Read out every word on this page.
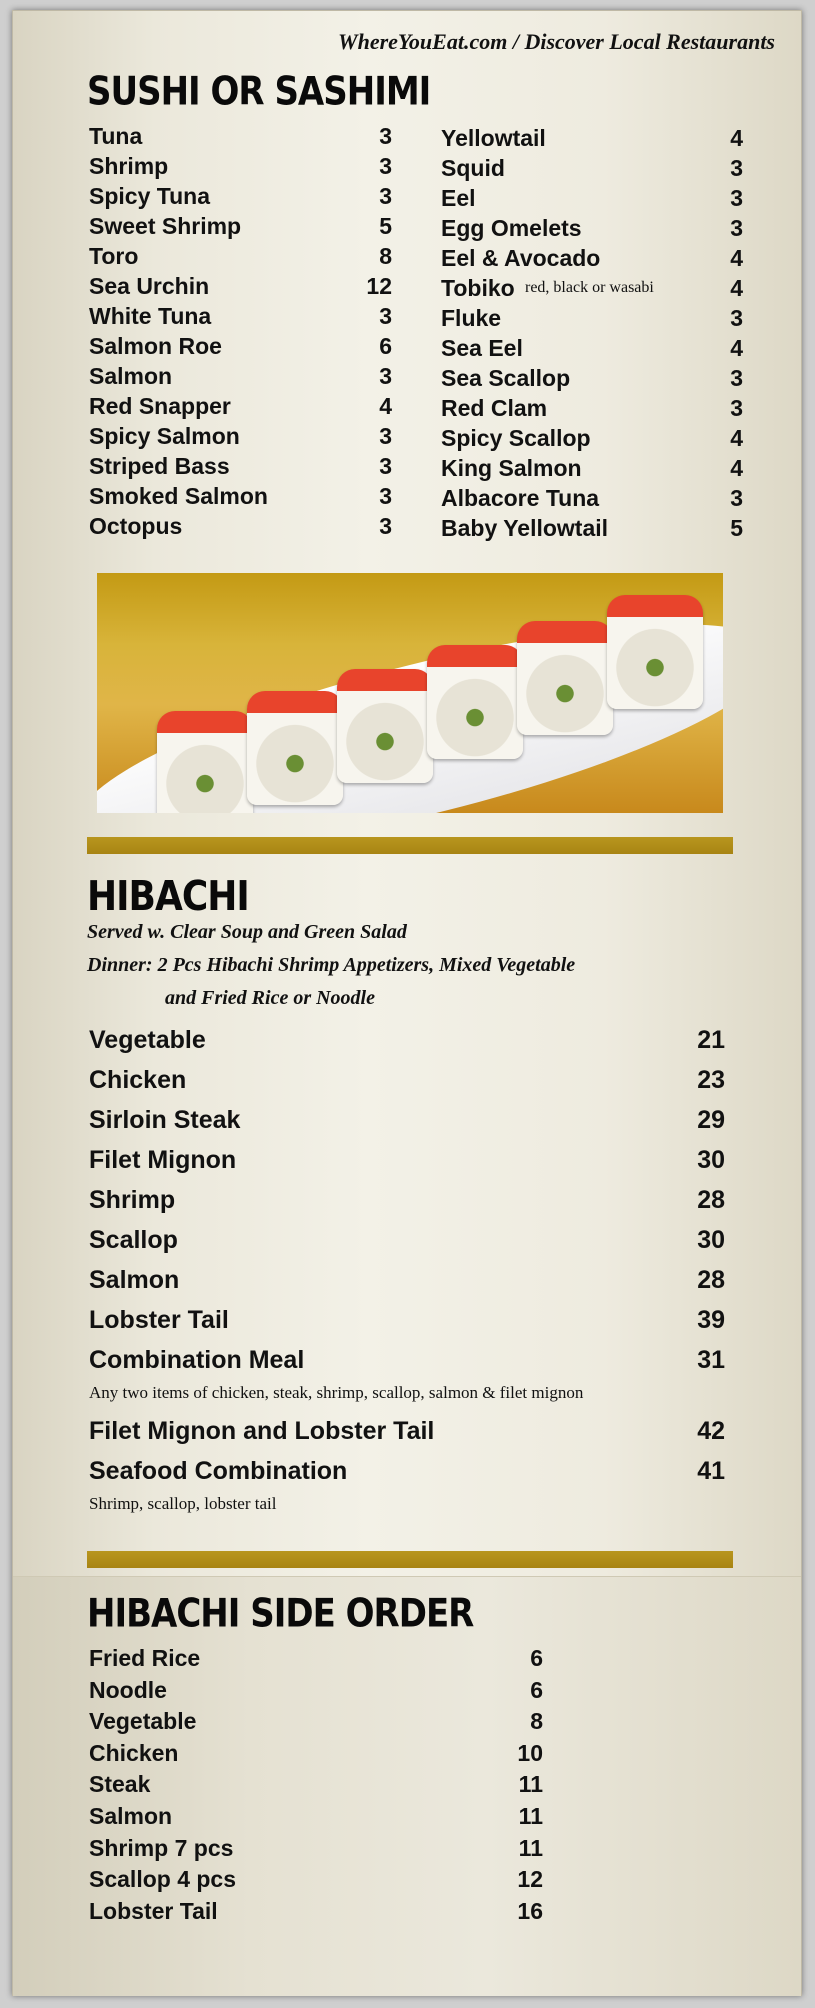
WhereYouEat.com / Discover Local Restaurants
SUSHI OR SASHIMI
Tuna	3
Shrimp	3
Spicy Tuna	3
Sweet Shrimp	5
Toro	8
Sea Urchin	12
White Tuna	3
Salmon Roe	6
Salmon	3
Red Snapper	4
Spicy Salmon	3
Striped Bass	3
Smoked Salmon	3
Octopus	3
Yellowtail	4
Squid	3
Eel	3
Egg Omelets	3
Eel & Avocado	4
Tobiko red, black or wasabi	4
Fluke	3
Sea Eel	4
Sea Scallop	3
Red Clam	3
Spicy Scallop	4
King Salmon	4
Albacore Tuna	3
Baby Yellowtail	5
HIBACHI
Served w. Clear Soup and Green Salad
Dinner: 2 Pcs Hibachi Shrimp Appetizers, Mixed Vegetable
and Fried Rice or Noodle
Vegetable	21
Chicken	23
Sirloin Steak	29
Filet Mignon	30
Shrimp	28
Scallop	30
Salmon	28
Lobster Tail	39
Combination Meal	31
Any two items of chicken, steak, shrimp, scallop, salmon & filet mignon
Filet Mignon and Lobster Tail	42
Seafood Combination	41
Shrimp, scallop, lobster tail
HIBACHI SIDE ORDER
Fried Rice	6
Noodle	6
Vegetable	8
Chicken	10
Steak	11
Salmon	11
Shrimp 7 pcs	11
Scallop 4 pcs	12
Lobster Tail	16
